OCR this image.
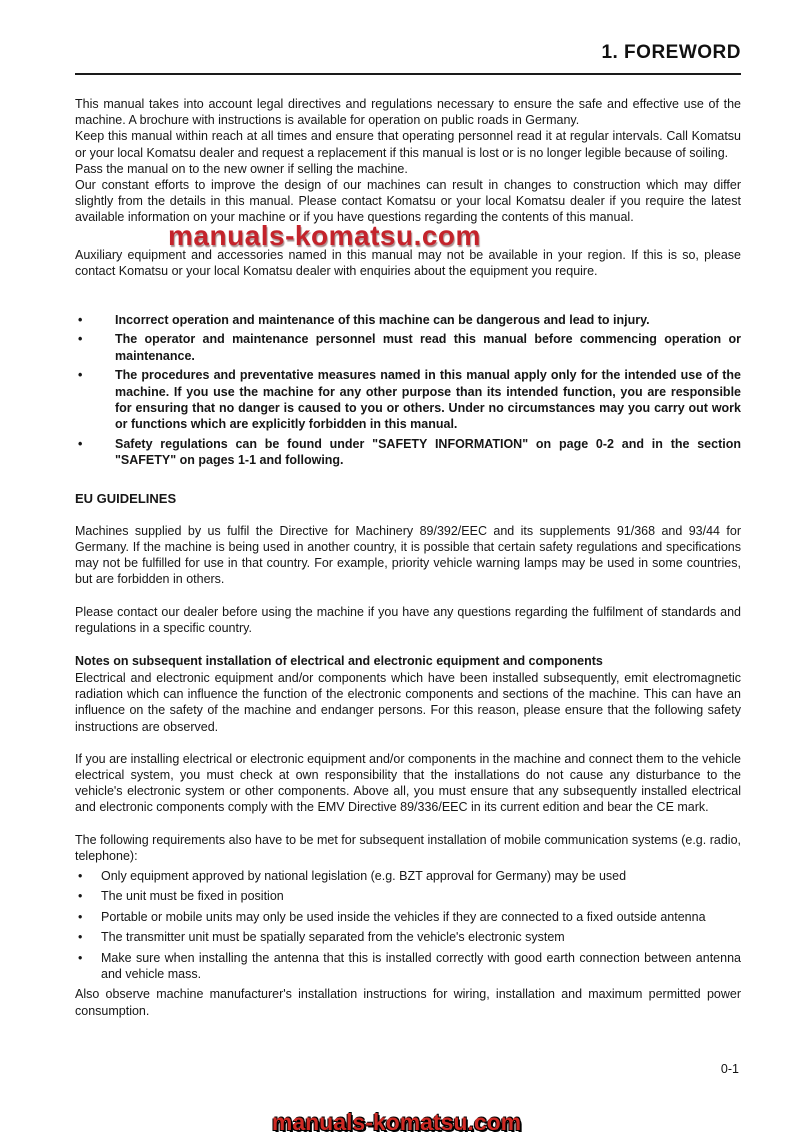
1. FOREWORD

This manual takes into account legal directives and regulations necessary to ensure the safe and effective use of the machine. A brochure with instructions is available for operation on public roads in Germany.

Keep this manual within reach at all times and ensure that operating personnel read it at regular intervals. Call Komatsu or your local Komatsu dealer and request a replacement if this manual is lost or is no longer legible because of soiling.

Pass the manual on to the new owner if selling the machine.

Our constant efforts to improve the design of our machines can result in changes to construction which may differ slightly from the details in this manual. Please contact Komatsu or your local Komatsu dealer if you require the latest available information on your machine or if you have questions regarding the contents of this manual.

Auxiliary equipment and accessories named in this manual may not be available in your region. If this is so, please contact Komatsu or your local Komatsu dealer with enquiries about the equipment you require.

•	Incorrect operation and maintenance of this machine can be dangerous and lead to injury.
•	The operator and maintenance personnel must read this manual before commencing operation or maintenance.
•	The procedures and preventative measures named in this manual apply only for the intended use of the machine. If you use the machine for any other purpose than its intended function, you are responsible for ensuring that no danger is caused to you or others. Under no circumstances may you carry out work or functions which are explicitly forbidden in this manual.
•	Safety regulations can be found under "SAFETY INFORMATION" on page 0-2 and in the section "SAFETY" on pages 1-1 and following.
EU GUIDELINES

Machines supplied by us fulfil the Directive for Machinery 89/392/EEC and its supplements 91/368 and 93/44 for Germany. If the machine is being used in another country, it is possible that certain safety regulations and specifications may not be fulfilled for use in that country. For example, priority vehicle warning lamps may be used in some countries, but are forbidden in others.

Please contact our dealer before using the machine if you have any questions regarding the fulfilment of standards and regulations in a specific country.

Notes on subsequent installation of electrical and electronic equipment and components

Electrical and electronic equipment and/or components which have been installed subsequently, emit electromagnetic radiation which can influence the function of the electronic components and sections of the machine. This can have an influence on the safety of the machine and endanger persons. For this reason, please ensure that the following safety instructions are observed.

If you are installing electrical or electronic equipment and/or components in the machine and connect them to the vehicle electrical system, you must check at own responsibility that the installations do not cause any disturbance to the vehicle's electronic system or other components. Above all, you must ensure that any subsequently installed electrical and electronic components comply with the EMV Directive 89/336/EEC in its current edition and bear the CE mark.

The following requirements also have to be met for subsequent installation of mobile communication systems (e.g. radio, telephone):

• Only equipment approved by national legislation (e.g. BZT approval for Germany) may be used
• The unit must be fixed in position
• Portable or mobile units may only be used inside the vehicles if they are connected to a fixed outside antenna
• The transmitter unit must be spatially separated from the vehicle's electronic system
• Make sure when installing the antenna that this is installed correctly with good earth connection between antenna and vehicle mass.

Also observe machine manufacturer's installation instructions for wiring, installation and maximum permitted power consumption.

0-1
manuals-komatsu.com
manuals-komatsu.com
